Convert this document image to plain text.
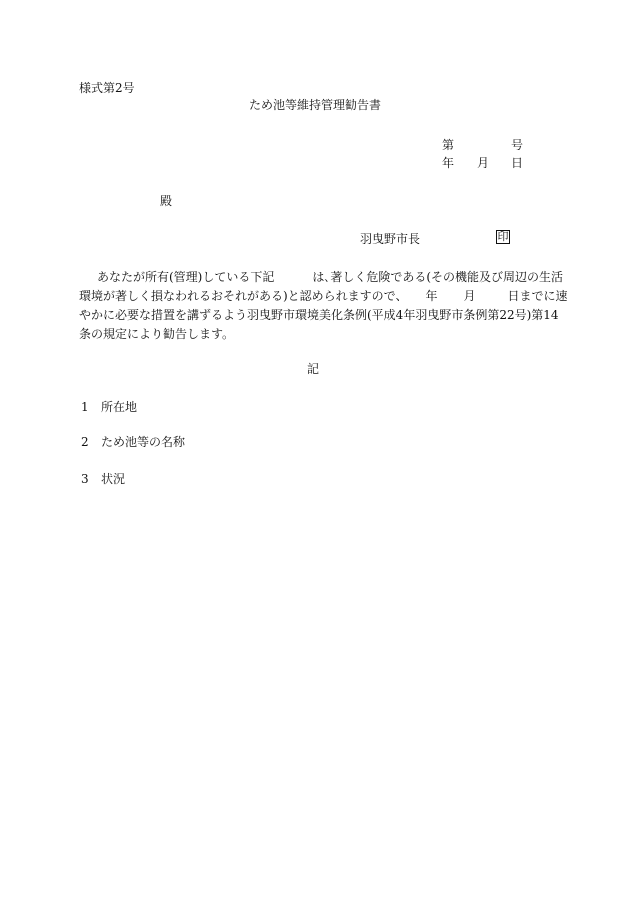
様式第2号
ため池等維持管理勧告書
第	号
年 月 日
殿
羽曳野市長	印
あなたが所有(管理)している下記	は､著しく危険である(その機能及び周辺の生活
環境が著しく損なわれるおそれがある)と認められますので、 年 月	日までに速
やかに必要な措置を講ずるよう羽曳野市環境美化条例(平成4年羽曳野市条例第22号)第14
条の規定により勧告します。
記
1 所在地
2 ため池等の名称
3 状況
